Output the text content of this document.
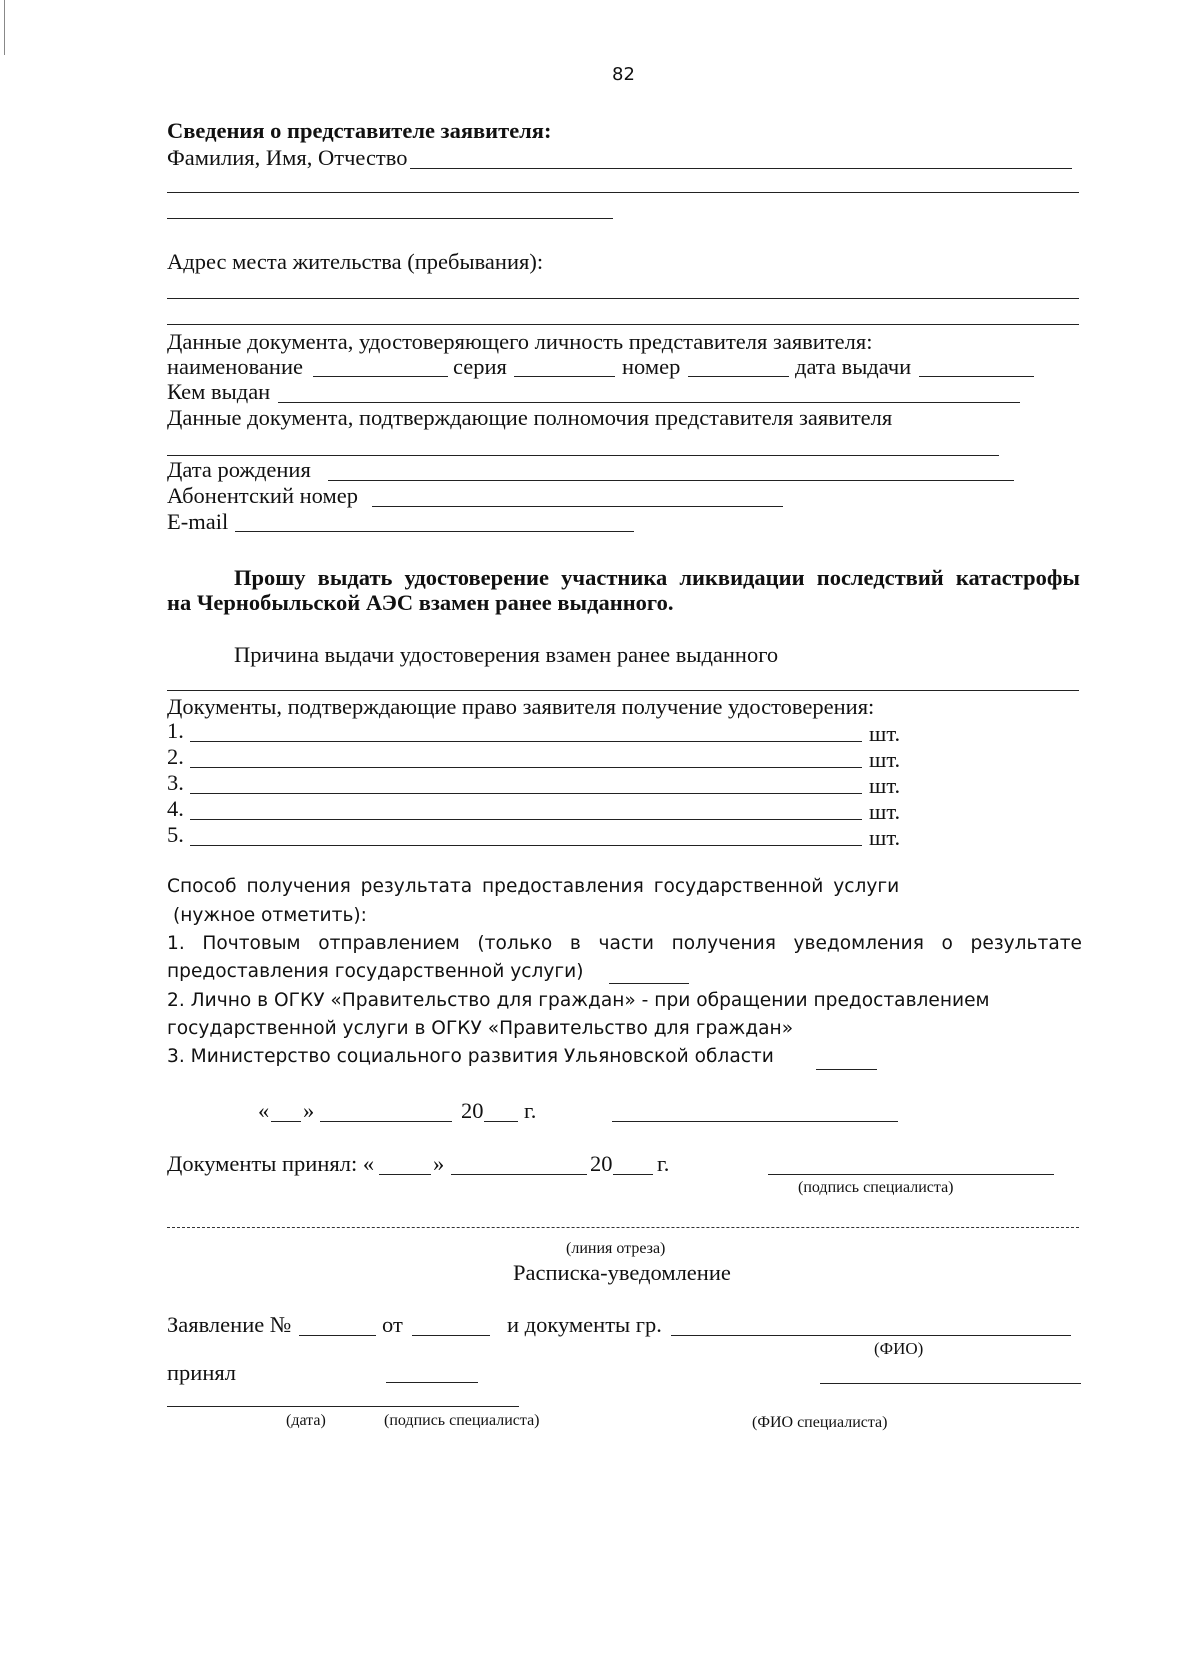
82
Сведения о представителе заявителя:
Фамилия, Имя, Отчество
Адрес места жительства (пребывания):
Данные документа, удостоверяющего личность представителя заявителя:
наименование	серия	номер	дата выдачи
Кем выдан
Данные документа, подтверждающие полномочия представителя заявителя
Дата рождения
Абонентский номер
E-mail
Прошу выдать удостоверение участника ликвидации последствий катастрофы
на Чернобыльской АЭС взамен ранее выданного.
Причина выдачи удостоверения взамен ранее выданного
Документы, подтверждающие право заявителя получение удостоверения:
1.	шт.
2.	шт.
3.	шт.
4.	шт.
5.	шт.
Способ получения результата предоставления государственной услуги
(нужное отметить):
1. Почтовым отправлением (только в части получения уведомления о результате
предоставления государственной услуги)
2. Лично в ОГКУ «Правительство для граждан» - при обращении предоставлением
государственной услуги в ОГКУ «Правительство для граждан»
3. Министерство социального развития Ульяновской области
« »	20 г.
Документы принял: «	»	20 г.
(подпись специалиста)
(линия отреза)
Расписка-уведомление
Заявление №	от	и документы гр.
(ФИО)
принял
(дата)	(подпись специалиста)	(ФИО специалиста)
